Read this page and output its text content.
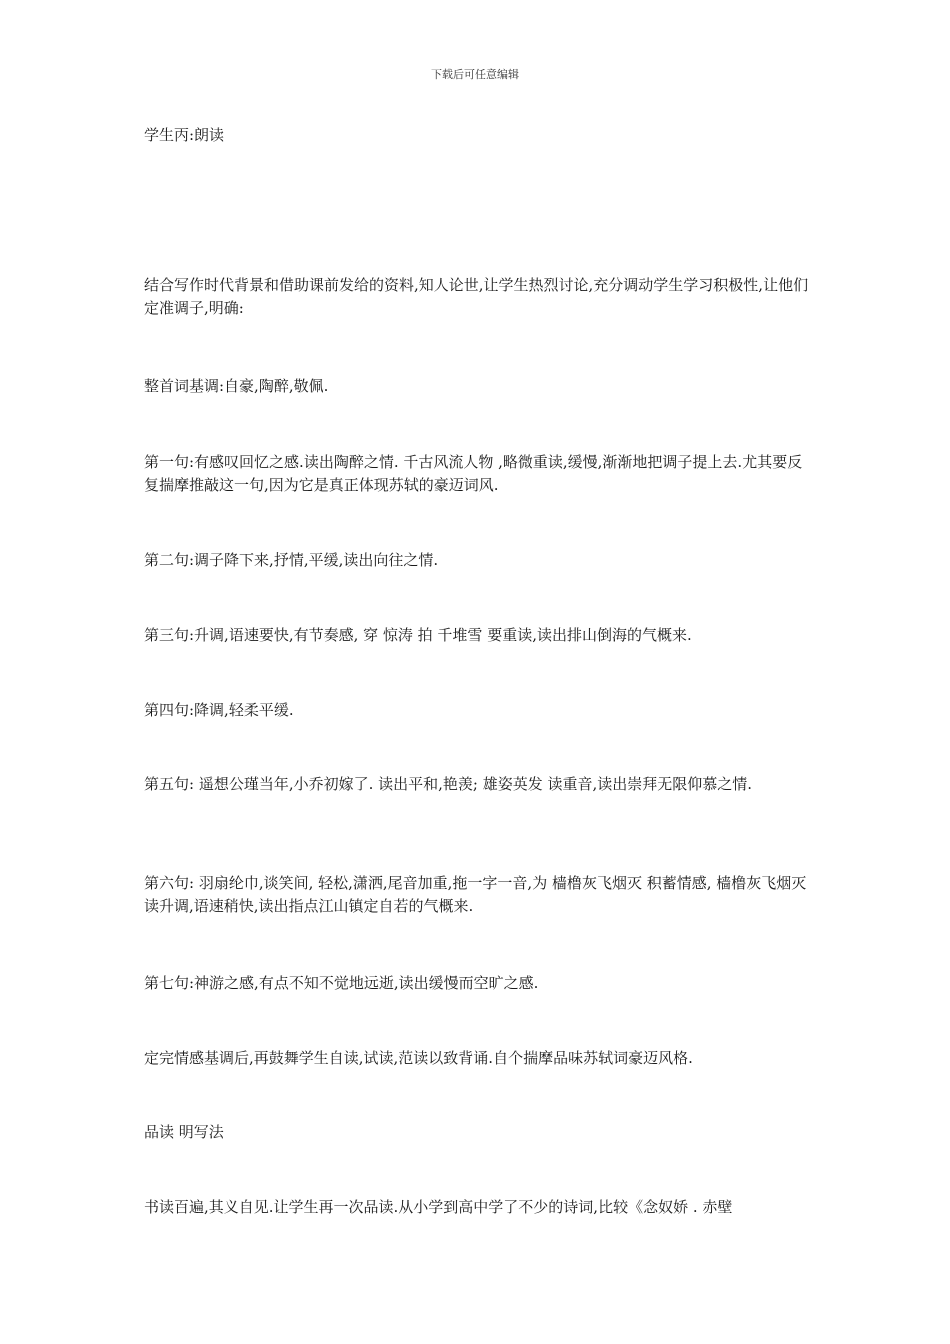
下载后可任意编辑

学生丙:朗读

结合写作时代背景和借助课前发给的资料,知人论世,让学生热烈讨论,充分调动学生学习积极性,让他们定准调子,明确:

整首词基调:自豪,陶醉,敬佩.

第一句:有感叹回忆之感.读出陶醉之情. 千古风流人物 ,略微重读,缓慢,渐渐地把调子提上去.尤其要反复揣摩推敲这一句,因为它是真正体现苏轼的豪迈词风.

第二句:调子降下来,抒情,平缓,读出向往之情.

第三句:升调,语速要快,有节奏感, 穿 惊涛 拍 千堆雪 要重读,读出排山倒海的气概来.

第四句:降调,轻柔平缓.

第五句: 遥想公瑾当年,小乔初嫁了. 读出平和,艳羡; 雄姿英发 读重音,读出崇拜无限仰慕之情.

第六句: 羽扇纶巾,谈笑间, 轻松,潇洒,尾音加重,拖一字一音,为 樯橹灰飞烟灭 积蓄情感, 樯橹灰飞烟灭 读升调,语速稍快,读出指点江山镇定自若的气概来.

第七句:神游之感,有点不知不觉地远逝,读出缓慢而空旷之感.

定完情感基调后,再鼓舞学生自读,试读,范读以致背诵.自个揣摩品味苏轼词豪迈风格.

品读 明写法

书读百遍,其义自见.让学生再一次品读.从小学到高中学了不少的诗词,比较《念奴娇 . 赤壁
